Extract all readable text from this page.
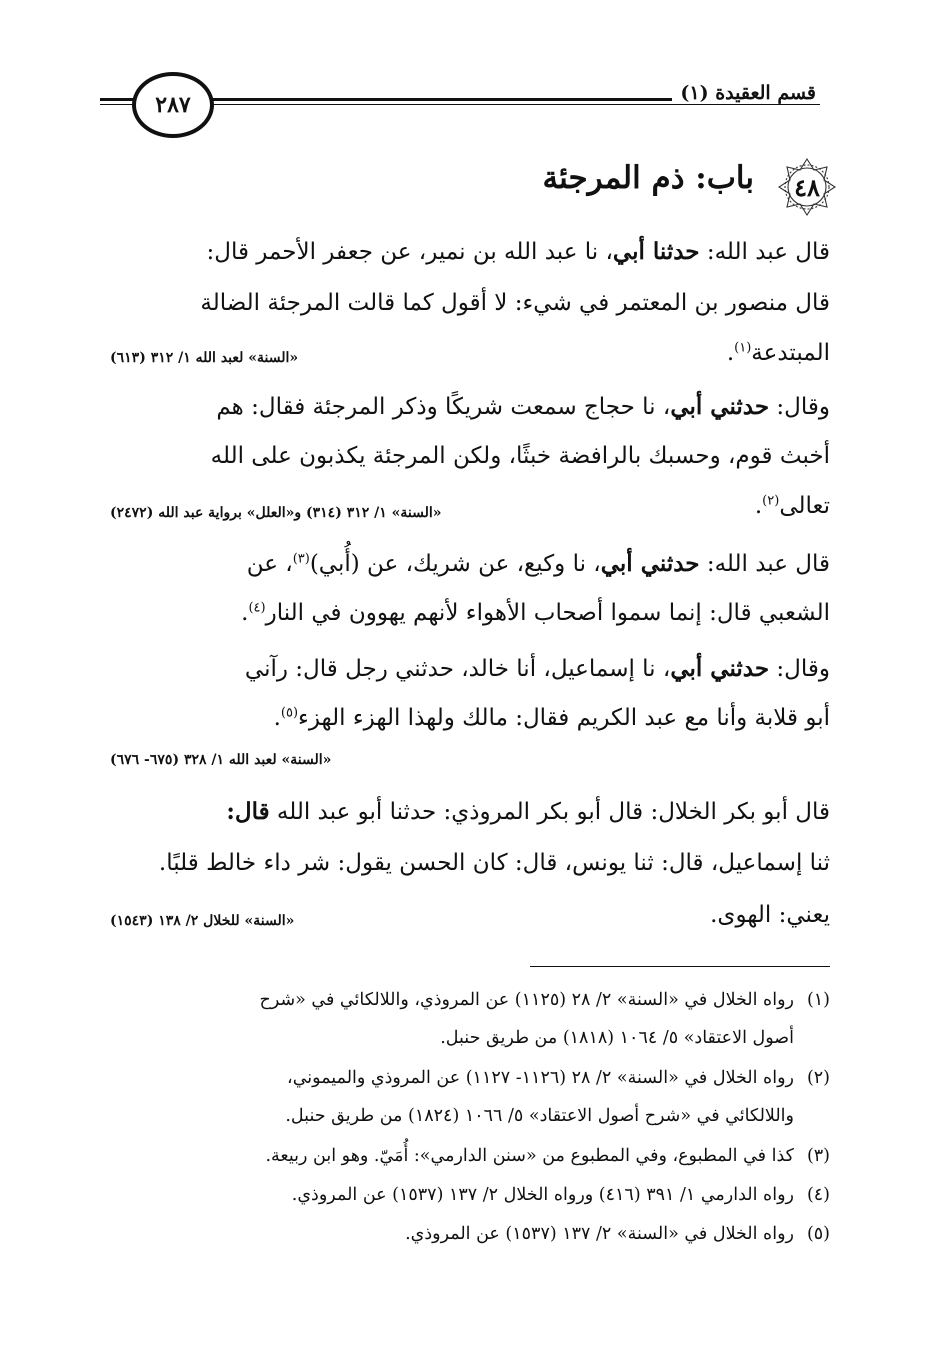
قسم العقيدة (١)
٢٨٧
٤٨
باب: ذم المرجئة
قال عبد الله: حدثنا أبي، نا عبد الله بن نمير، عن جعفر الأحمر قال:
قال منصور بن المعتمر في شيء: لا أقول كما قالت المرجئة الضالة
المبتدعة$^{(١)}$.
«السنة» لعبد الله ١/ ٣١٢ (٦١٣)
وقال: حدثني أبي، نا حجاج سمعت شريكًا وذكر المرجئة فقال: هم
أخبث قوم، وحسبك بالرافضة خبثًا، ولكن المرجئة يكذبون على الله
تعالى$^{(٢)}$.
«السنة» ١/ ٣١٢ (٣١٤) و«العلل» برواية عبد الله (٢٤٧٢)
قال عبد الله: حدثني أبي، نا وكيع، عن شريك، عن (أُبي)$^{(٣)}$، عن
الشعبي قال: إنما سموا أصحاب الأهواء لأنهم يهوون في النار$^{(٤)}$.
وقال: حدثني أبي، نا إسماعيل، أنا خالد، حدثني رجل قال: رآني
أبو قلابة وأنا مع عبد الكريم فقال: مالك ولهذا الهزء الهزء$^{(٥)}$.
«السنة» لعبد الله ١/ ٣٢٨ (٦٧٥- ٦٧٦)
قال أبو بكر الخلال: قال أبو بكر المروذي: حدثنا أبو عبد الله قال:
ثنا إسماعيل، قال: ثنا يونس، قال: كان الحسن يقول: شر داء خالط قلبًا.
يعني: الهوى.
«السنة» للخلال ٢/ ١٣٨ (١٥٤٣)
(١)رواه الخلال في «السنة» ٢/ ٢٨ (١١٢٥) عن المروذي، واللالكائي في «شرح
أصول الاعتقاد» ٥/ ١٠٦٤ (١٨١٨) من طريق حنبل.
(٢)رواه الخلال في «السنة» ٢/ ٢٨ (١١٢٦- ١١٢٧) عن المروذي والميموني،
واللالكائي في «شرح أصول الاعتقاد» ٥/ ١٠٦٦ (١٨٢٤) من طريق حنبل.
(٣)كذا في المطبوع، وفي المطبوع من «سنن الدارمي»: أُمَيّ. وهو ابن ربيعة.
(٤)رواه الدارمي ١/ ٣٩١ (٤١٦) ورواه الخلال ٢/ ١٣٧ (١٥٣٧) عن المروذي.
(٥)رواه الخلال في «السنة» ٢/ ١٣٧ (١٥٣٧) عن المروذي.
